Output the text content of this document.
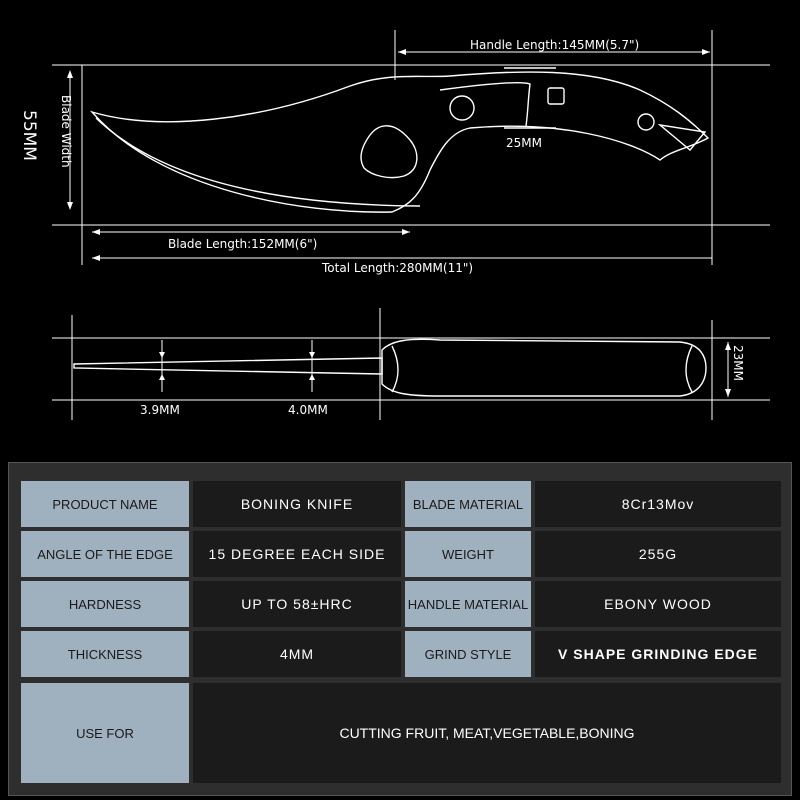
Handle Length:145MM(5.7")
55MM Blade Width	25MM
Blade Length:152MM(6")
Total Length:280MM(11")
3.9MM	4.0MM
23MM
PRODUCT NAME	BONING KNIFE	BLADE MATERIAL	8Cr13Mov
ANGLE OF THE EDGE	15 DEGREE EACH SIDE	WEIGHT	255G
HARDNESS	UP TO 58±HRC	HANDLE MATERIAL	EBONY WOOD
THICKNESS	4MM	GRIND STYLE	V SHAPE GRINDING EDGE
USE FOR	CUTTING FRUIT, MEAT,VEGETABLE,BONING
